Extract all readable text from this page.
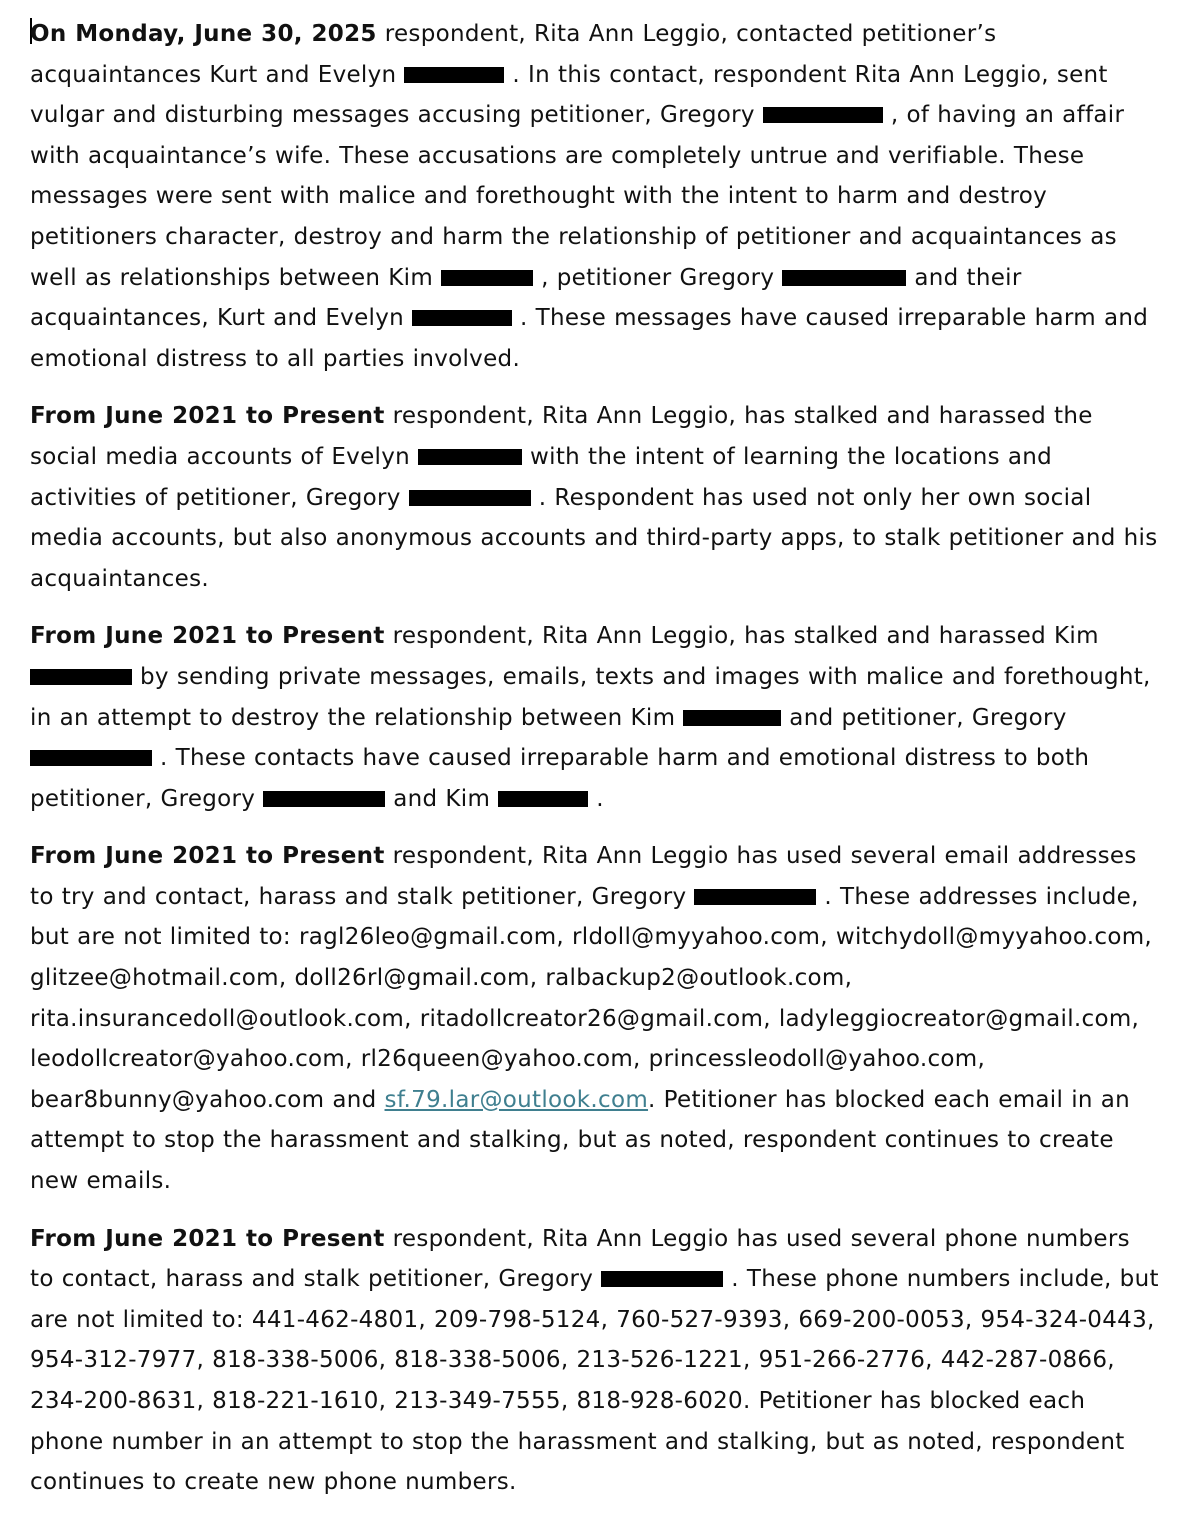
On Monday, June 30, 2025 respondent, Rita Ann Leggio, contacted petitioner’s acquaintances Kurt and Evelyn	. In this contact, respondent Rita Ann Leggio, sent vulgar and disturbing messages accusing petitioner, Gregory	, of having an affair with acquaintance’s wife. These accusations are completely untrue and verifiable. These messages were sent with malice and forethought with the intent to harm and destroy petitioners character, destroy and harm the relationship of petitioner and acquaintances as well as relationships between Kim	, petitioner Gregory	and their acquaintances, Kurt and Evelyn	. These messages have caused irreparable harm and emotional distress to all parties involved.

From June 2021 to Present respondent, Rita Ann Leggio, has stalked and harassed the social media accounts of Evelyn	with the intent of learning the locations and activities of petitioner, Gregory	. Respondent has used not only her own social media accounts, but also anonymous accounts and third-party apps, to stalk petitioner and his acquaintances.

From June 2021 to Present respondent, Rita Ann Leggio, has stalked and harassed Kim  by sending private messages, emails, texts and images with malice and forethought, in an attempt to destroy the relationship between Kim	and petitioner, Gregory  . These contacts have caused irreparable harm and emotional distress to both petitioner, Gregory	and Kim	.

From June 2021 to Present respondent, Rita Ann Leggio has used several email addresses to try and contact, harass and stalk petitioner, Gregory	. These addresses include, but are not limited to: ragl26leo@gmail.com, rldoll@myyahoo.com, witchydoll@myyahoo.com, glitzee@hotmail.com, doll26rl@gmail.com, ralbackup2@outlook.com, rita.insurancedoll@outlook.com, ritadollcreator26@gmail.com, ladyleggiocreator@gmail.com, leodollcreator@yahoo.com, rl26queen@yahoo.com, princessleodoll@yahoo.com, bear8bunny@yahoo.com and sf.79.lar@outlook.com. Petitioner has blocked each email in an attempt to stop the harassment and stalking, but as noted, respondent continues to create new emails.

From June 2021 to Present respondent, Rita Ann Leggio has used several phone numbers to contact, harass and stalk petitioner, Gregory	. These phone numbers include, but are not limited to: 441-462-4801, 209-798-5124, 760-527-9393, 669-200-0053, 954-324-0443, 954-312-7977, 818-338-5006, 818-338-5006, 213-526-1221, 951-266-2776, 442-287-0866, 234-200-8631, 818-221-1610, 213-349-7555, 818-928-6020. Petitioner has blocked each phone number in an attempt to stop the harassment and stalking, but as noted, respondent continues to create new phone numbers.
